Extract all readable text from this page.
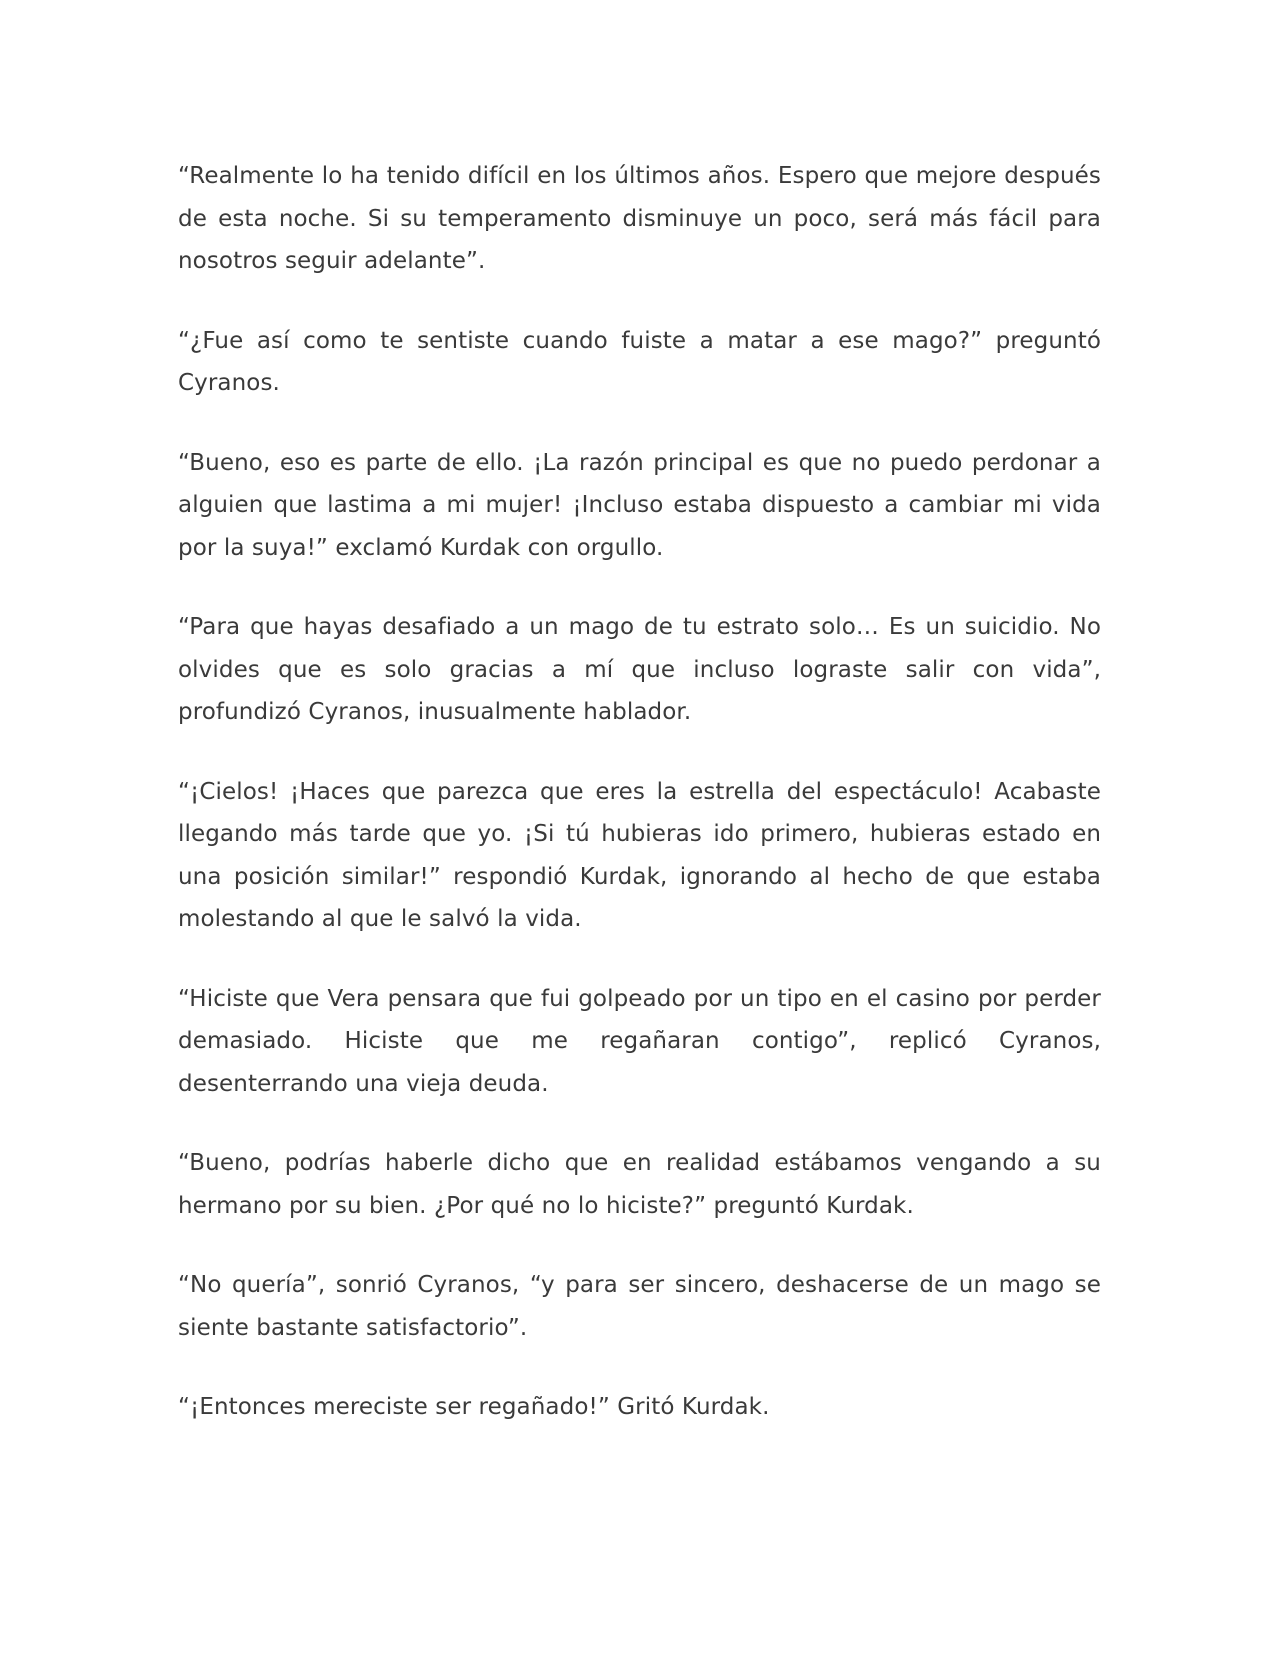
“Realmente lo ha tenido difícil en los últimos años. Espero que mejore después de esta noche. Si su temperamento disminuye un poco, será más fácil para nosotros seguir adelante”.

“¿Fue así como te sentiste cuando fuiste a matar a ese mago?” preguntó Cyranos.

“Bueno, eso es parte de ello. ¡La razón principal es que no puedo perdonar a alguien que lastima a mi mujer! ¡Incluso estaba dispuesto a cambiar mi vida por la suya!” exclamó Kurdak con orgullo.

“Para que hayas desafiado a un mago de tu estrato solo… Es un suicidio. No olvides que es solo gracias a mí que incluso lograste salir con vida”, profundizó Cyranos, inusualmente hablador.

“¡Cielos! ¡Haces que parezca que eres la estrella del espectáculo! Acabaste llegando más tarde que yo. ¡Si tú hubieras ido primero, hubieras estado en una posición similar!” respondió Kurdak, ignorando al hecho de que estaba molestando al que le salvó la vida.

“Hiciste que Vera pensara que fui golpeado por un tipo en el casino por perder demasiado. Hiciste que me regañaran contigo”, replicó Cyranos, desenterrando una vieja deuda.

“Bueno, podrías haberle dicho que en realidad estábamos vengando a su hermano por su bien. ¿Por qué no lo hiciste?” preguntó Kurdak.

“No quería”, sonrió Cyranos, “y para ser sincero, deshacerse de un mago se siente bastante satisfactorio”.

“¡Entonces mereciste ser regañado!” Gritó Kurdak.
